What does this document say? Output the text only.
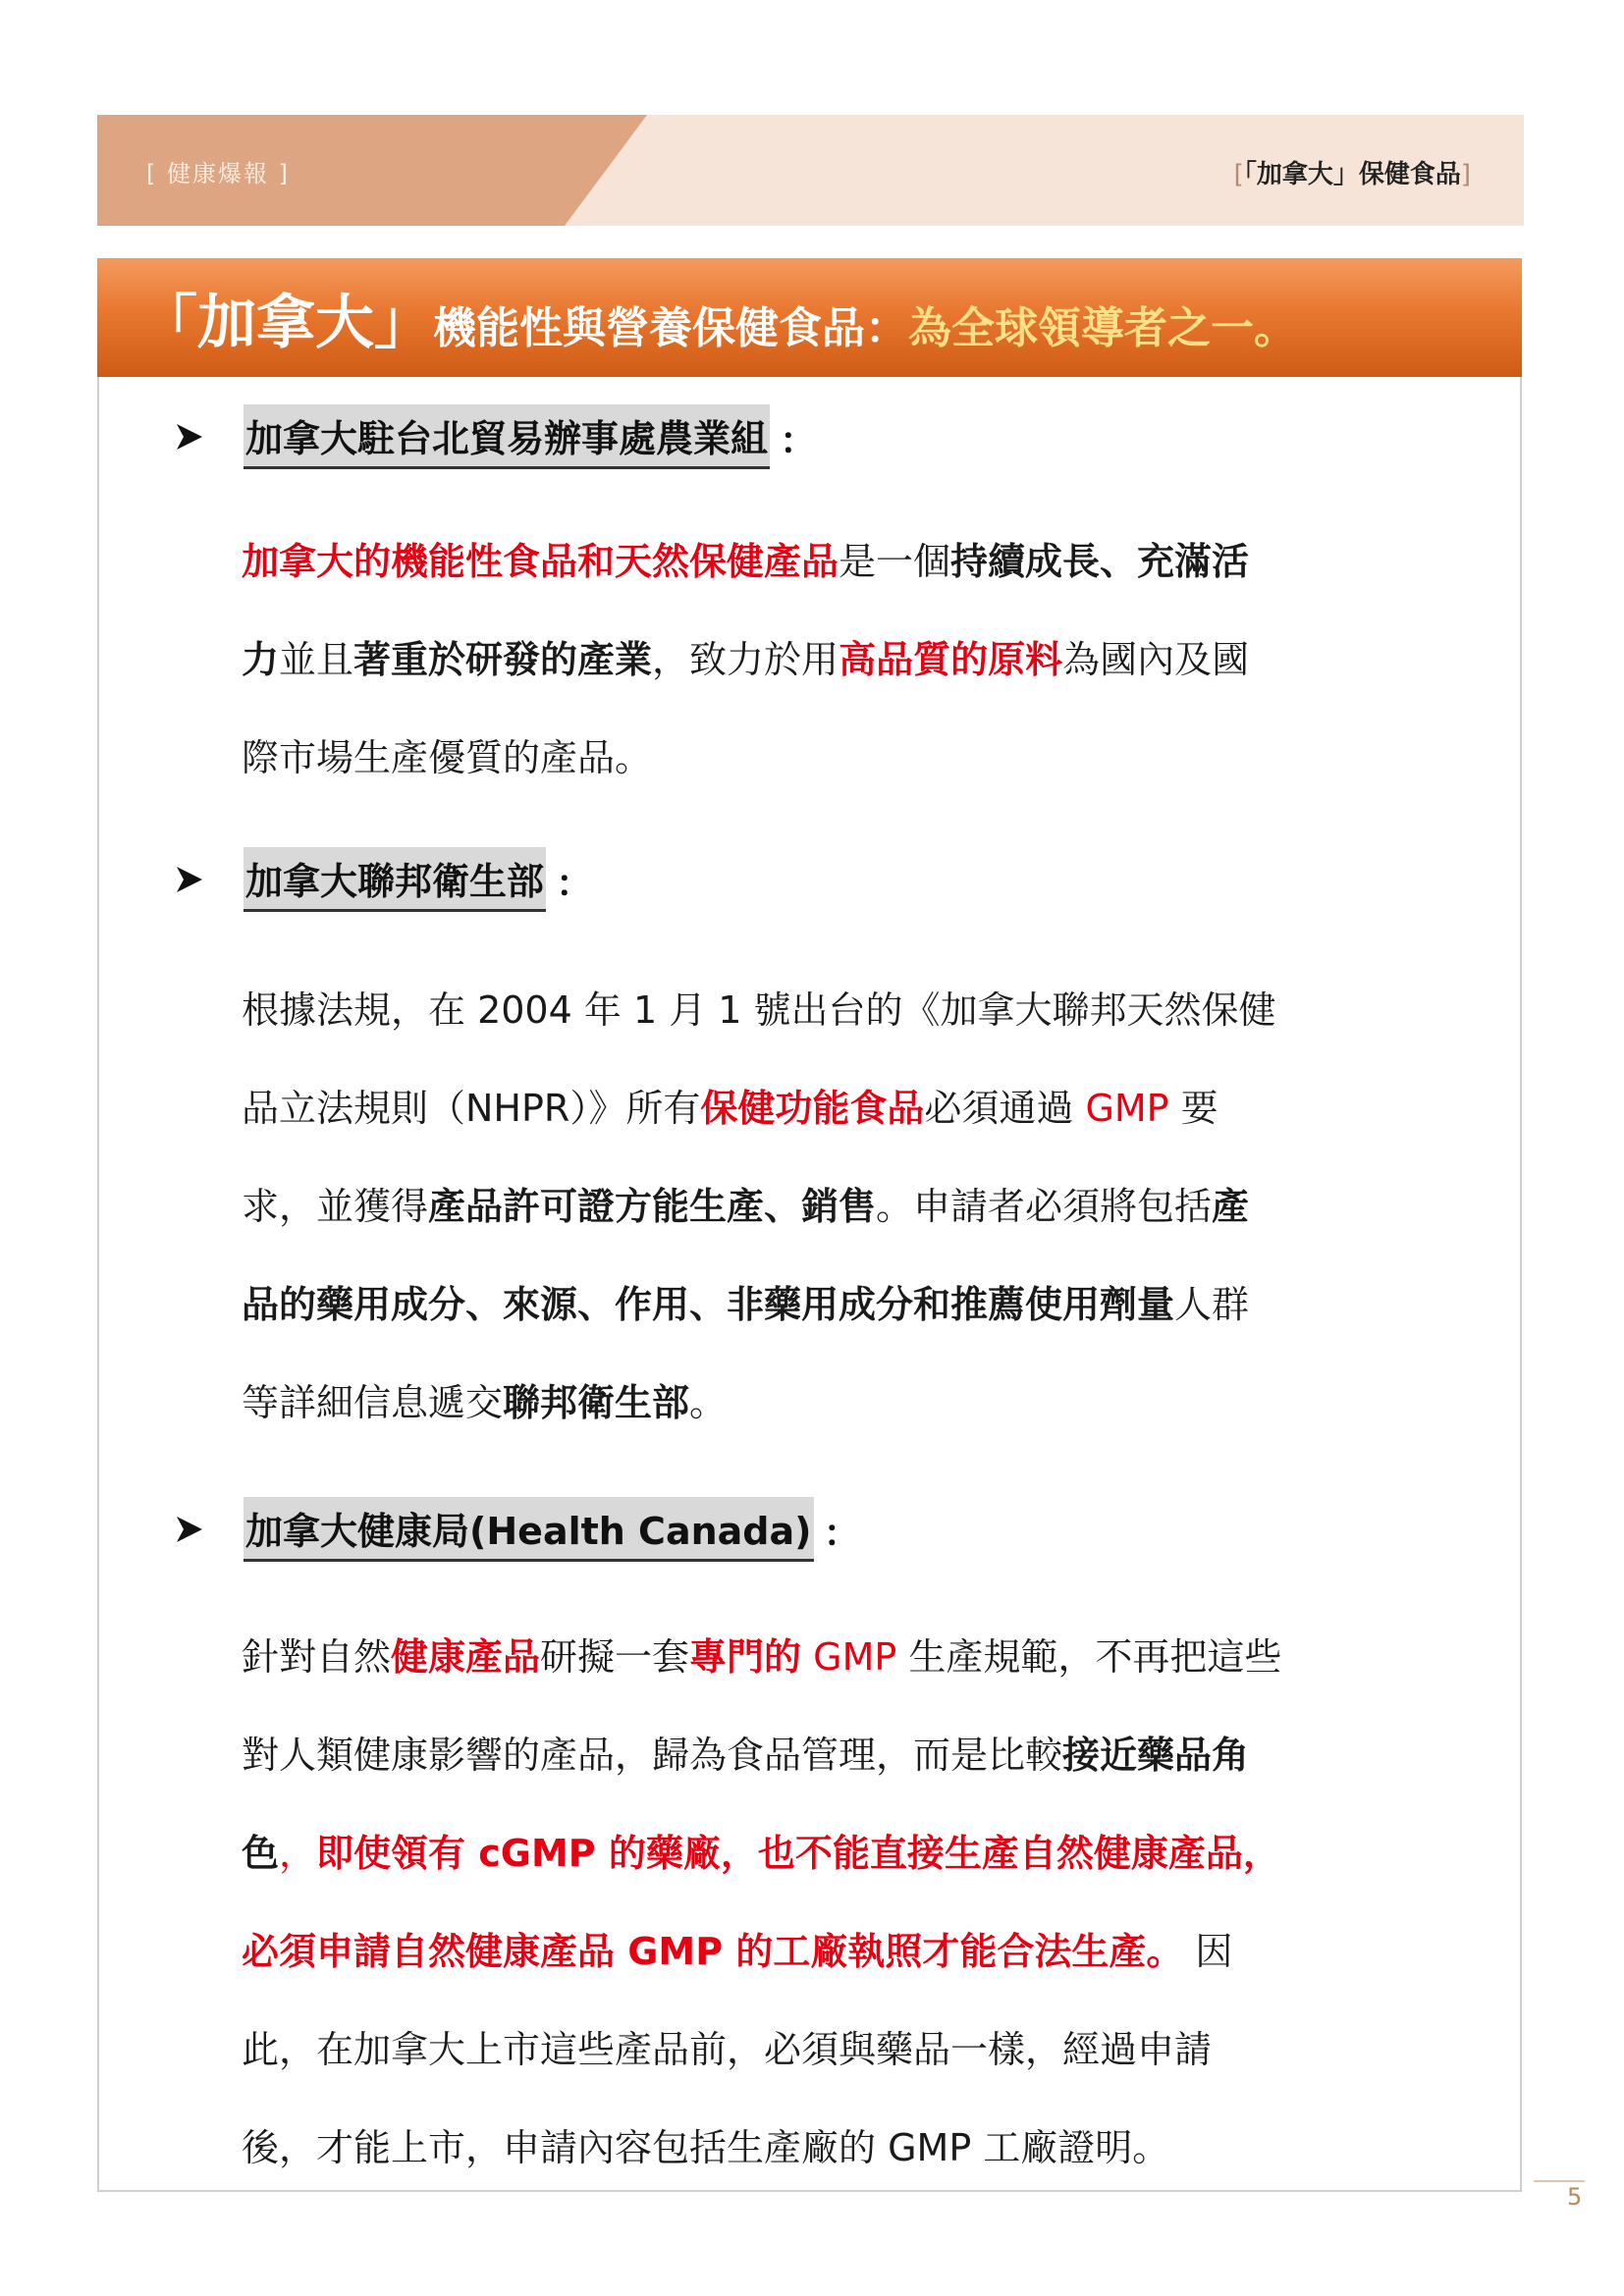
[ 健康爆報 ]	[「加拿大」保健食品]
「加拿大」機能性與營養保健食品：為全球領導者之一。
加拿大駐台北貿易辦事處農業組 ：
加拿大的機能性食品和天然保健產品是一個持續成長、充滿活
力並且著重於研發的產業，致力於用高品質的原料為國內及國
際市場生產優質的產品。
加拿大聯邦衛生部 ：
根據法規，在 2004 年 1 月 1 號出台的《加拿大聯邦天然保健
品立法規則（NHPR）》所有保健功能食品必須通過 GMP 要
求，並獲得產品許可證方能生產、銷售。申請者必須將包括產
品的藥用成分、來源、作用、非藥用成分和推薦使用劑量人群
等詳細信息遞交聯邦衛生部。
加拿大健康局(Health Canada) ：
針對自然健康產品研擬一套專門的 GMP 生產規範，不再把這些
對人類健康影響的產品，歸為食品管理，而是比較接近藥品角
色，即使領有 cGMP 的藥廠，也不能直接生產自然健康產品，
必須申請自然健康產品 GMP 的工廠執照才能合法生產。 因
此，在加拿大上市這些產品前，必須與藥品一樣，經過申請
後，才能上市，申請內容包括生產廠的 GMP 工廠證明。
5
